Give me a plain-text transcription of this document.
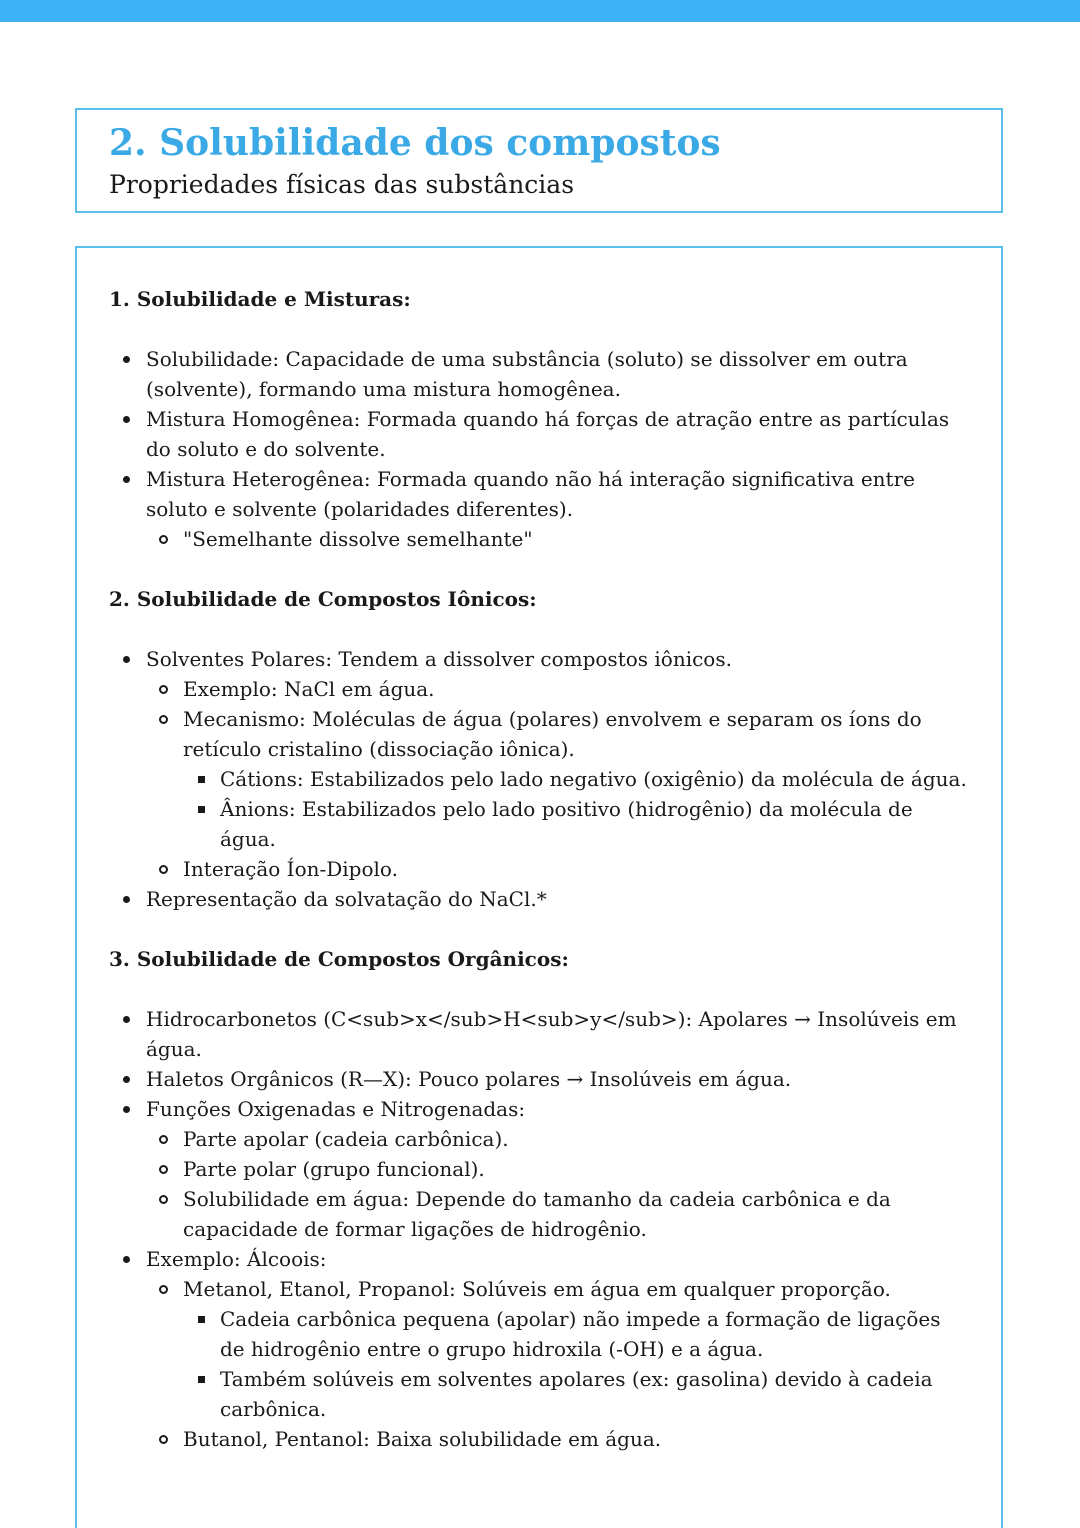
2. Solubilidade dos compostos
Propriedades físicas das substâncias
1. Solubilidade e Misturas:
Solubilidade: Capacidade de uma substância (soluto) se dissolver em outra (solvente), formando uma mistura homogênea.
Mistura Homogênea: Formada quando há forças de atração entre as partículas do soluto e do solvente.
Mistura Heterogênea: Formada quando não há interação significativa entre soluto e solvente (polaridades diferentes).
"Semelhante dissolve semelhante"
2. Solubilidade de Compostos Iônicos:
Solventes Polares: Tendem a dissolver compostos iônicos.
Exemplo: NaCl em água.
Mecanismo: Moléculas de água (polares) envolvem e separam os íons do retículo cristalino (dissociação iônica).
Cátions: Estabilizados pelo lado negativo (oxigênio) da molécula de água.
Ânions: Estabilizados pelo lado positivo (hidrogênio) da molécula de água.
Interação Íon-Dipolo.
Representação da solvatação do NaCl.*
3. Solubilidade de Compostos Orgânicos:
Hidrocarbonetos (C<sub>x</sub>H<sub>y</sub>): Apolares → Insolúveis em água.
Haletos Orgânicos (R—X): Pouco polares → Insolúveis em água.
Funções Oxigenadas e Nitrogenadas:
Parte apolar (cadeia carbônica).
Parte polar (grupo funcional).
Solubilidade em água: Depende do tamanho da cadeia carbônica e da capacidade de formar ligações de hidrogênio.
Exemplo: Álcoois:
Metanol, Etanol, Propanol: Solúveis em água em qualquer proporção.
Cadeia carbônica pequena (apolar) não impede a formação de ligações de hidrogênio entre o grupo hidroxila (-OH) e a água.
Também solúveis em solventes apolares (ex: gasolina) devido à cadeia carbônica.
Butanol, Pentanol: Baixa solubilidade em água.
